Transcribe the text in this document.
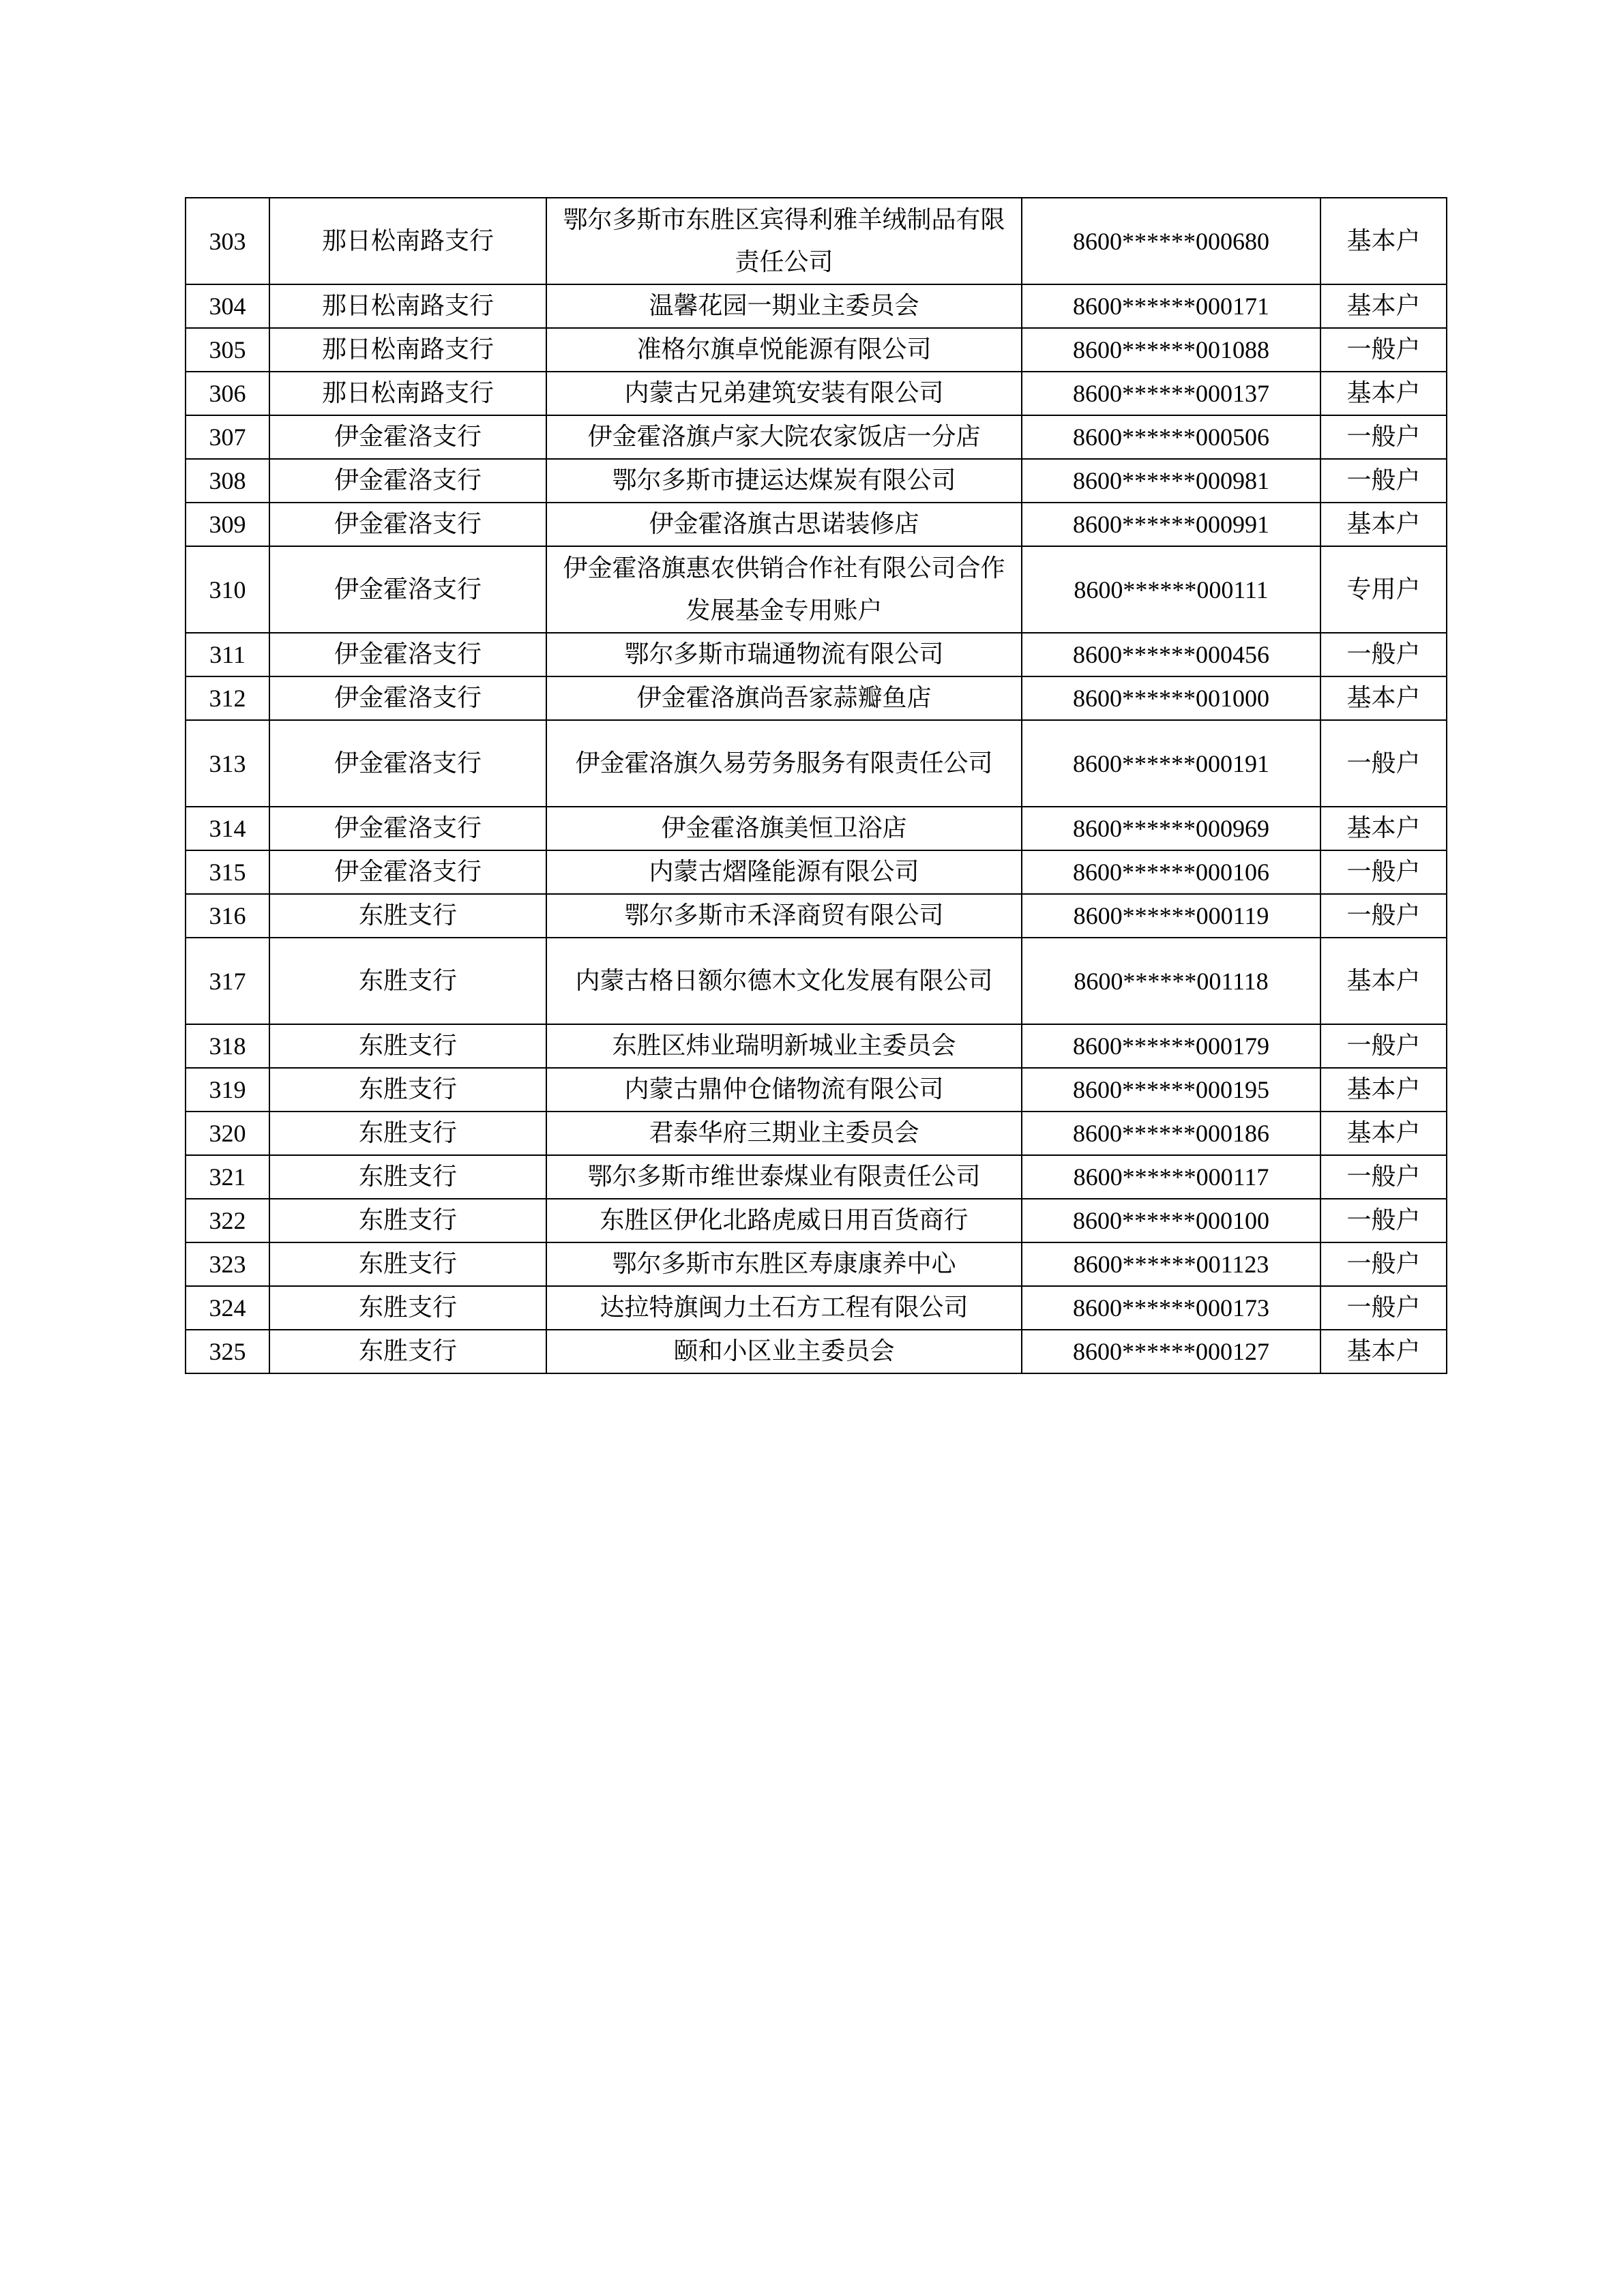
303	那日松南路支行	鄂尔多斯市东胜区宾得利雅羊绒制品有限责任公司	8600******000680	基本户
304	那日松南路支行	温馨花园一期业主委员会	8600******000171	基本户
305	那日松南路支行	准格尔旗卓悦能源有限公司	8600******001088	一般户
306	那日松南路支行	内蒙古兄弟建筑安装有限公司	8600******000137	基本户
307	伊金霍洛支行	伊金霍洛旗卢家大院农家饭店一分店	8600******000506	一般户
308	伊金霍洛支行	鄂尔多斯市捷运达煤炭有限公司	8600******000981	一般户
309	伊金霍洛支行	伊金霍洛旗古思诺装修店	8600******000991	基本户
310	伊金霍洛支行	伊金霍洛旗惠农供销合作社有限公司合作发展基金专用账户	8600******000111	专用户
311	伊金霍洛支行	鄂尔多斯市瑞通物流有限公司	8600******000456	一般户
312	伊金霍洛支行	伊金霍洛旗尚吾家蒜瓣鱼店	8600******001000	基本户
313	伊金霍洛支行	伊金霍洛旗久易劳务服务有限责任公司	8600******000191	一般户
314	伊金霍洛支行	伊金霍洛旗美恒卫浴店	8600******000969	基本户
315	伊金霍洛支行	内蒙古熠隆能源有限公司	8600******000106	一般户
316	东胜支行	鄂尔多斯市禾泽商贸有限公司	8600******000119	一般户
317	东胜支行	内蒙古格日额尔德木文化发展有限公司	8600******001118	基本户
318	东胜支行	东胜区炜业瑞明新城业主委员会	8600******000179	一般户
319	东胜支行	内蒙古鼎仲仓储物流有限公司	8600******000195	基本户
320	东胜支行	君泰华府三期业主委员会	8600******000186	基本户
321	东胜支行	鄂尔多斯市维世泰煤业有限责任公司	8600******000117	一般户
322	东胜支行	东胜区伊化北路虎威日用百货商行	8600******000100	一般户
323	东胜支行	鄂尔多斯市东胜区寿康康养中心	8600******001123	一般户
324	东胜支行	达拉特旗闽力土石方工程有限公司	8600******000173	一般户
325	东胜支行	颐和小区业主委员会	8600******000127	基本户
